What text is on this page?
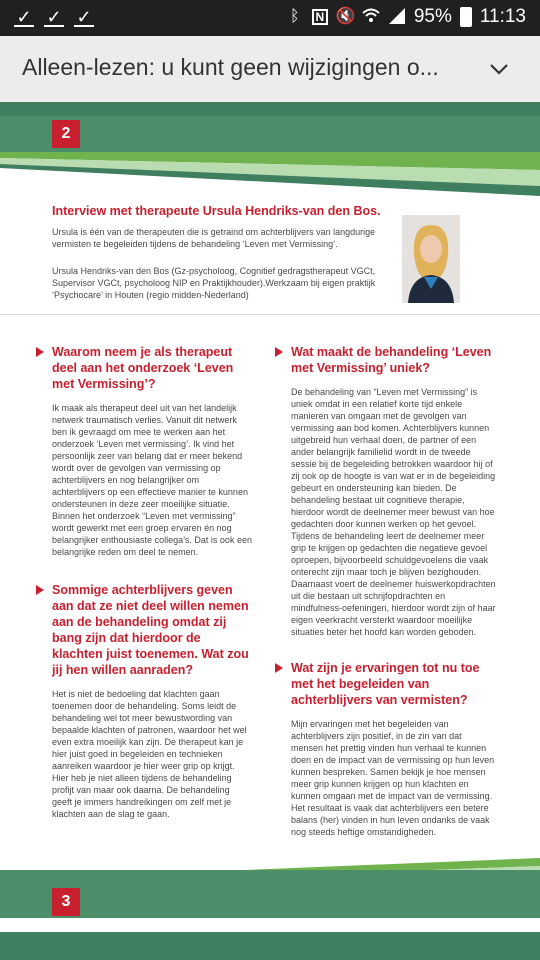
✓ ✓ ✓	ᛒ	N 🔇	95% 11:13
Alleen-lezen: u kunt geen wijzigingen o...
2
Interview met therapeute Ursula Hendriks-van den Bos.
Ursula is één van de therapeuten die is getraind om achterblijvers van langdurige vermisten te begeleiden tijdens de behandeling ‘Leven met Vermissing’.
Ursula Hendriks-van den Bos (Gz-psycholoog, Cognitief gedragstherapeut VGCt, Supervisor VGCt, psycholoog NIP en Praktijkhouder).Werkzaam bij eigen praktijk ‘Psychocare’ in Houten (regio midden-Nederland)
Waarom neem je als therapeut deel aan het onderzoek ‘Leven met Vermissing’?
Ik maak als therapeut deel uit van het landelijk netwerk traumatisch verlies. Vanuit dit netwerk ben ik gevraagd om mee te werken aan het onderzoek ‘Leven met vermissing’. Ik vind het persoonlijk zeer van belang dat er meer bekend wordt over de gevolgen van vermissing op achterblijvers en nog belangrijker om achterblijvers op een effectieve manier te kunnen ondersteunen in deze zeer moeilijke situatie. Binnen het onderzoek “Leven met vermissing” wordt gewerkt met een groep ervaren én nog belangrijker enthousiaste collega’s. Dat is ook een belangrijke reden om deel te nemen.
Sommige achterblijvers geven aan dat ze niet deel willen nemen aan de behandeling omdat zij bang zijn dat hierdoor de klachten juist toenemen. Wat zou jij hen willen aanraden?
Het is niet de bedoeling dat klachten gaan toenemen door de behandeling. Soms leidt de behandeling wel tot meer bewustwording van bepaalde klachten of patronen, waardoor het wel even extra moeilijk kan zijn. De therapeut kan je hier juist goed in begeleiden en technieken aanreiken waardoor je hier weer grip op krijgt. Hier heb je niet alleen tijdens de behandeling profijt van maar ook daarna. De behandeling geeft je immers handreikingen om zelf met je klachten aan de slag te gaan.
Wat maakt de behandeling ‘Leven met Vermissing’ uniek?
De behandeling van “Leven met Vermissing” is uniek omdat in een relatief korte tijd enkele manieren van omgaan met de gevolgen van vermissing aan bod komen. Achterblijvers kunnen uitgebreid hun verhaal doen, de partner of een ander belangrijk familielid wordt in de tweede sessie bij de begeleiding betrokken waardoor hij of zij ook op de hoogte is van wat er in de begeleiding gebeurt en ondersteuning kan bieden. De behandeling bestaat uit cognitieve therapie, hierdoor wordt de deelnemer meer bewust van hoe gedachten door kunnen werken op het gevoel. Tijdens de behandeling leert de deelnemer meer grip te krijgen op gedachten die negatieve gevoel oproepen, bijvoorbeeld schuldgevoelens die vaak onterecht zijn maar toch je blijven bezighouden. Daarnaast voert de deelnemer huiswerkopdrachten uit die bestaan uit schrijfopdrachten en mindfulness-oefeningen, hierdoor wordt zijn of haar eigen veerkracht versterkt waardoor moeilijke situaties beter het hoofd kan worden geboden.
Wat zijn je ervaringen tot nu toe met het begeleiden van achterblijvers van vermisten?
Mijn ervaringen met het begeleiden van achterblijvers zijn positief, in de zin van dat mensen het prettig vinden hun verhaal te kunnen doen en de impact van de vermissing op hun leven kunnen bespreken. Samen bekijk je hoe mensen meer grip kunnen krijgen op hun klachten en kunnen omgaan met de impact van de vermissing. Het resultaat is vaak dat achterblijvers een betere balans (her) vinden in hun leven ondanks de vaak nog steeds heftige omstandigheden.
3
